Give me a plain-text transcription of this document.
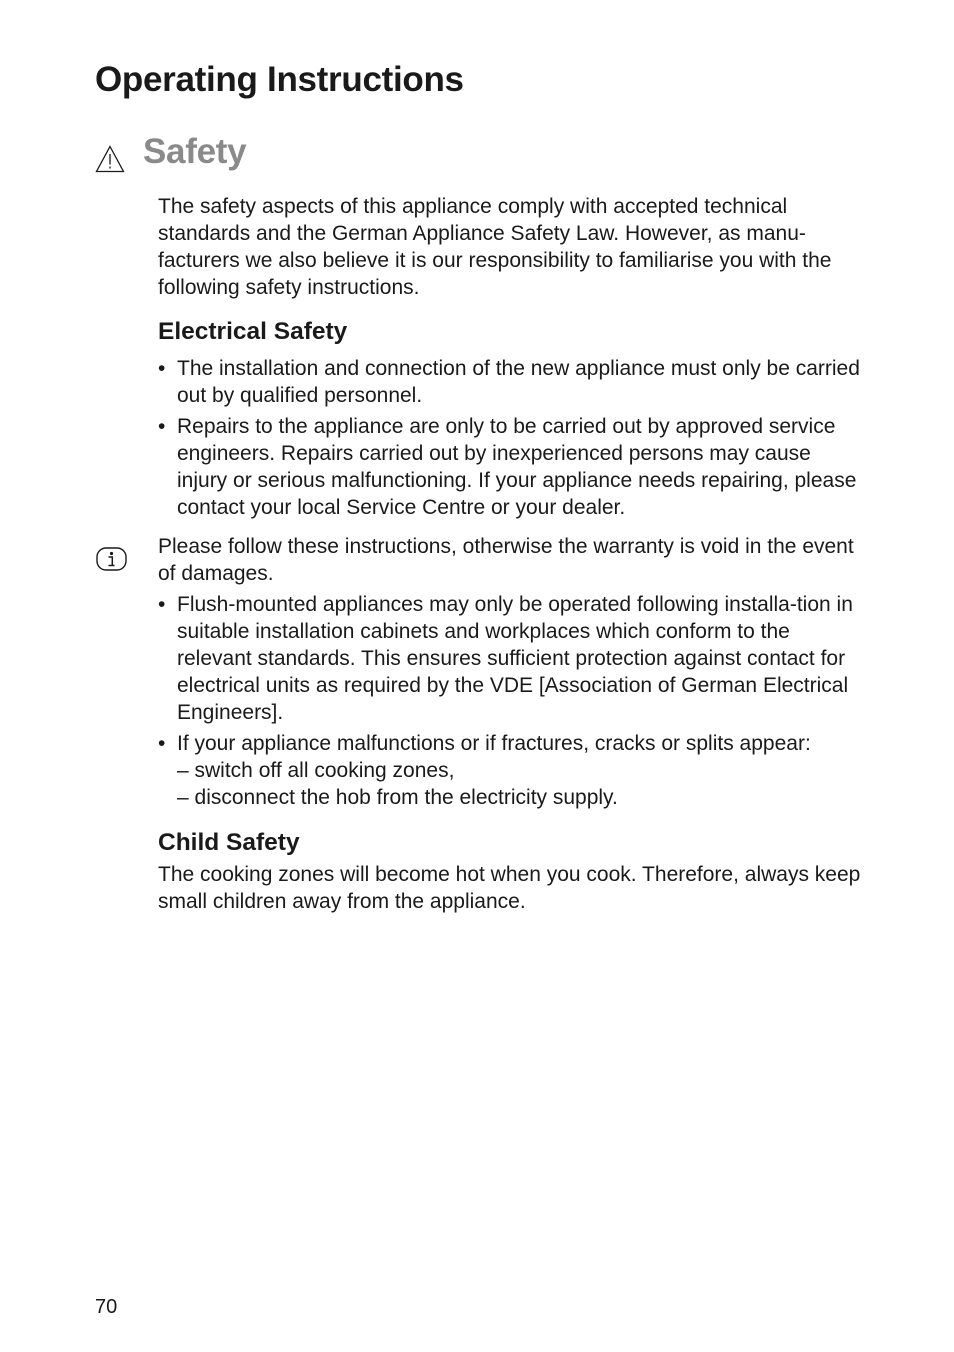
Operating Instructions
Safety

The safety aspects of this appliance comply with accepted technical standards and the German Appliance Safety Law. However, as manu-facturers we also believe it is our responsibility to familiarise you with the following safety instructions.

Electrical Safety
• The installation and connection of the new appliance must only be carried out by qualified personnel.
• Repairs to the appliance are only to be carried out by approved service engineers. Repairs carried out by inexperienced persons may cause injury or serious malfunctioning. If your appliance needs repairing, please contact your local Service Centre or your dealer.

Please follow these instructions, otherwise the warranty is void in the event of damages.

• Flush-mounted appliances may only be operated following installa-tion in suitable installation cabinets and workplaces which conform to the relevant standards. This ensures sufficient protection against contact for electrical units as required by the VDE [Association of German Electrical Engineers].
• If your appliance malfunctions or if fractures, cracks or splits appear:
– switch off all cooking zones,
– disconnect the hob from the electricity supply.
Child Safety

The cooking zones will become hot when you cook. Therefore, always keep small children away from the appliance.

70
